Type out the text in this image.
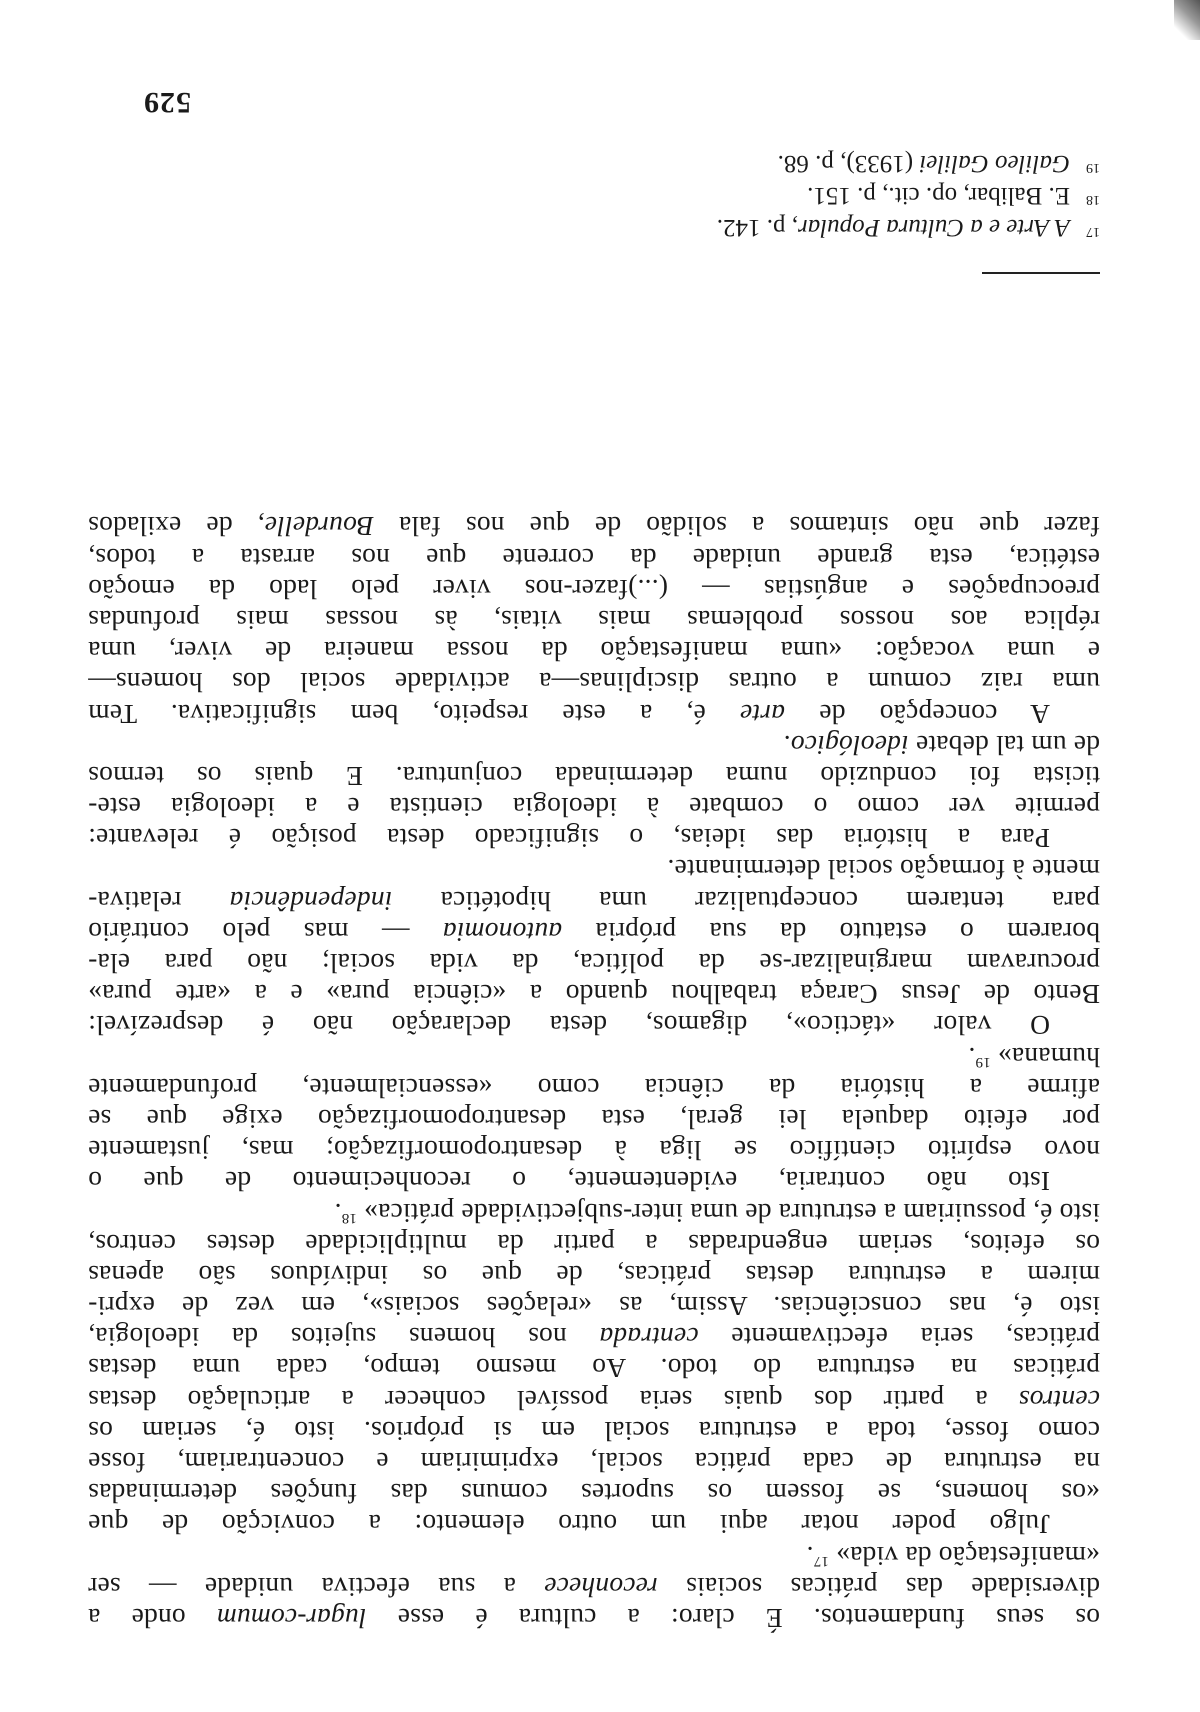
os seus fundamentos. É claro: a cultura é esse lugar-comum onde a
diversidade das práticas sociais reconhece a sua efectiva unidade — ser
«manifestação da vida» $^{17}$.
Julgo poder notar aqui um outro elemento: a convicção de que
«os homens, se fossem os suportes comuns das funções determinadas
na estrutura de cada prática social, exprimiriam e concentrariam, fosse
como fosse, toda a estrutura social em si próprios. isto é, seriam os
centros a partir dos quais seria possível conhecer a articulação destas
práticas na estrutura do todo. Ao mesmo tempo, cada uma destas
práticas, seria efectivamente centrada nos homens sujeitos da ideologia,
isto é, nas consciências. Assim, as «relações sociais», em vez de expri-
mirem a estrutura destas práticas, de que os indivíduos são apenas
os efeitos, seriam engendradas a partir da multiplicidade destes centros,
isto é, possuiriam a estrutura de uma inter-subjectividade prática» $^{18}$.
Isto não contraria, evidentemente, o reconhecimento de que o
novo espírito científico se liga à desantropomorfização; mas, justamente
por efeito daquela lei geral, esta desantropomorfização exige que se
afirme a história da ciência como «essencialmente, profundamente
humana» $^{19}$.
O valor «táctico», digamos, desta declaração não é desprezível:
Bento de Jesus Caraça trabalhou quando a «ciência pura» e a «arte pura»
procuravam marginalizar-se da política, da vida social; não para ela-
borarem o estatuto da sua própria autonomia — mas pelo contrário
para tentarem conceptualizar uma hipotética independência relativa-
mente à formação social determinante.
Para a história das ideias, o significado desta posição é relevante:
permite ver como o combate à ideologia cientista e a ideologia este-
ticista foi conduzido numa determinada conjuntura. E quais os termos
de um tal debate ideológico.
A concepção de arte é, a este respeito, bem significativa. Tem
uma raiz comum a outras disciplinas—a actividade social dos homens—
e uma vocação: «uma manifestação da nossa maneira de viver, uma
réplica aos nossos problemas mais vitais, às nossas mais profundas
preocupações e angústias — (...)fazer-nos viver pelo lado da emoção
estética, esta grande unidade da corrente que nos arrasta a todos,
fazer que não sintamos a solidão de que nos fala Bourdelle, de exilados
17A Arte e a Cultura Popular, p. 142.
18E. Balibar, op. cit., p. 151.
19Galileo Galilei (1933), p. 68.
529
